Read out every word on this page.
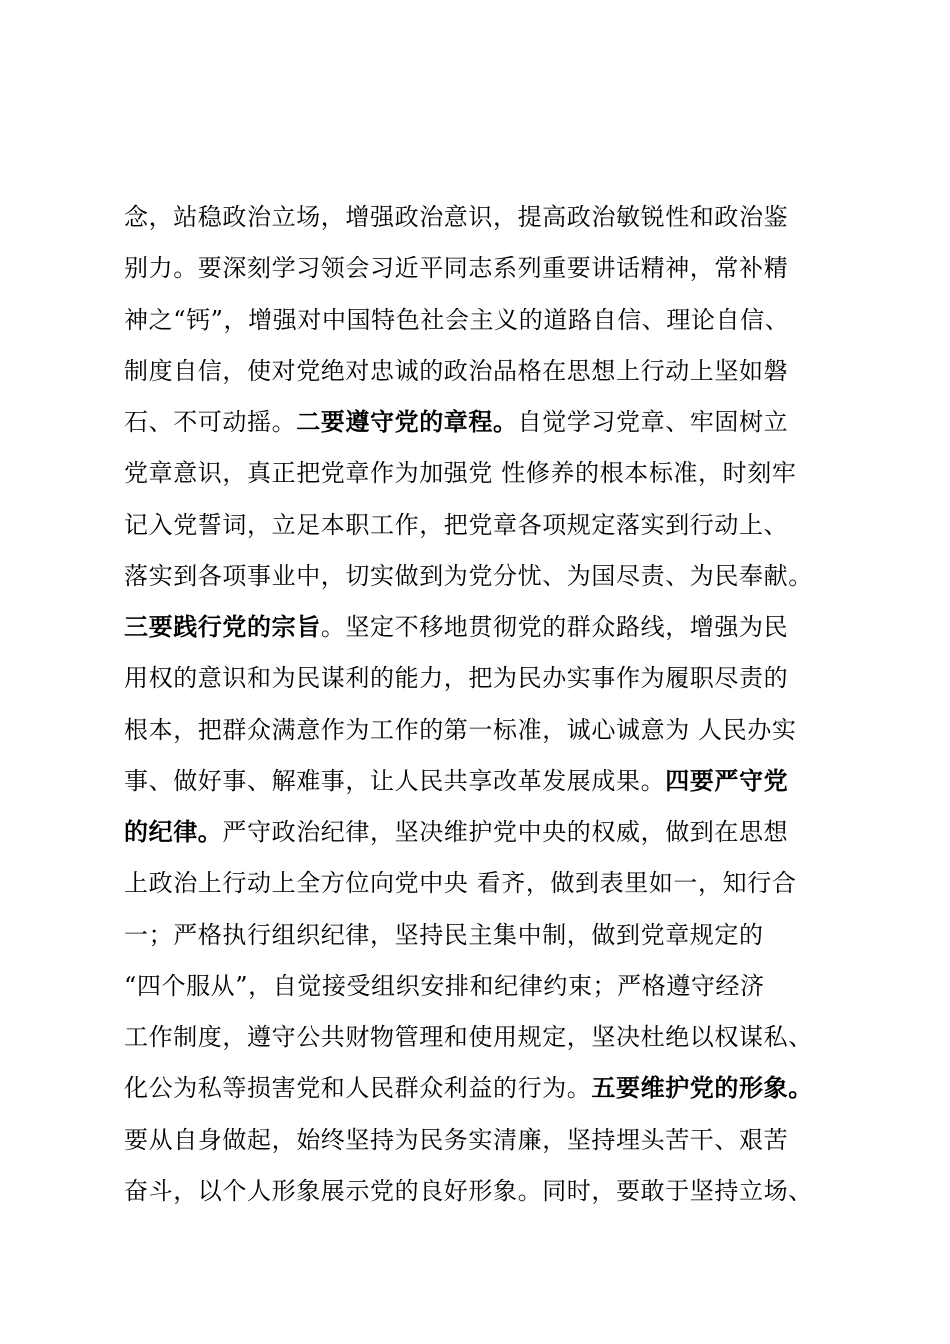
念，站稳政治立场，增强政治意识，提高政治敏锐性和政治鉴
别力。要深刻学习领会习近平同志系列重要讲话精神，常补精
神之“钙”，增强对中国特色社会主义的道路自信、理论自信、
制度自信，使对党绝对忠诚的政治品格在思想上行动上坚如磐
石、不可动摇。二要遵守党的章程。自觉学习党章、牢固树立
党章意识，真正把党章作为加强党 性修养的根本标准，时刻牢
记入党誓词，立足本职工作，把党章各项规定落实到行动上、
落实到各项事业中，切实做到为党分忧、为国尽责、为民奉献。
三要践行党的宗旨。坚定不移地贯彻党的群众路线，增强为民
用权的意识和为民谋利的能力，把为民办实事作为履职尽责的
根本，把群众满意作为工作的第一标准，诚心诚意为 人民办实
事、做好事、解难事，让人民共享改革发展成果。四要严守党
的纪律。严守政治纪律，坚决维护党中央的权威，做到在思想
上政治上行动上全方位向党中央 看齐，做到表里如一，知行合
一；严格执行组织纪律，坚持民主集中制，做到党章规定的
“四个服从”，自觉接受组织安排和纪律约束；严格遵守经济
工作制度，遵守公共财物管理和使用规定，坚决杜绝以权谋私、
化公为私等损害党和人民群众利益的行为。五要维护党的形象。
要从自身做起，始终坚持为民务实清廉，坚持埋头苦干、艰苦
奋斗，以个人形象展示党的良好形象。同时，要敢于坚持立场、
